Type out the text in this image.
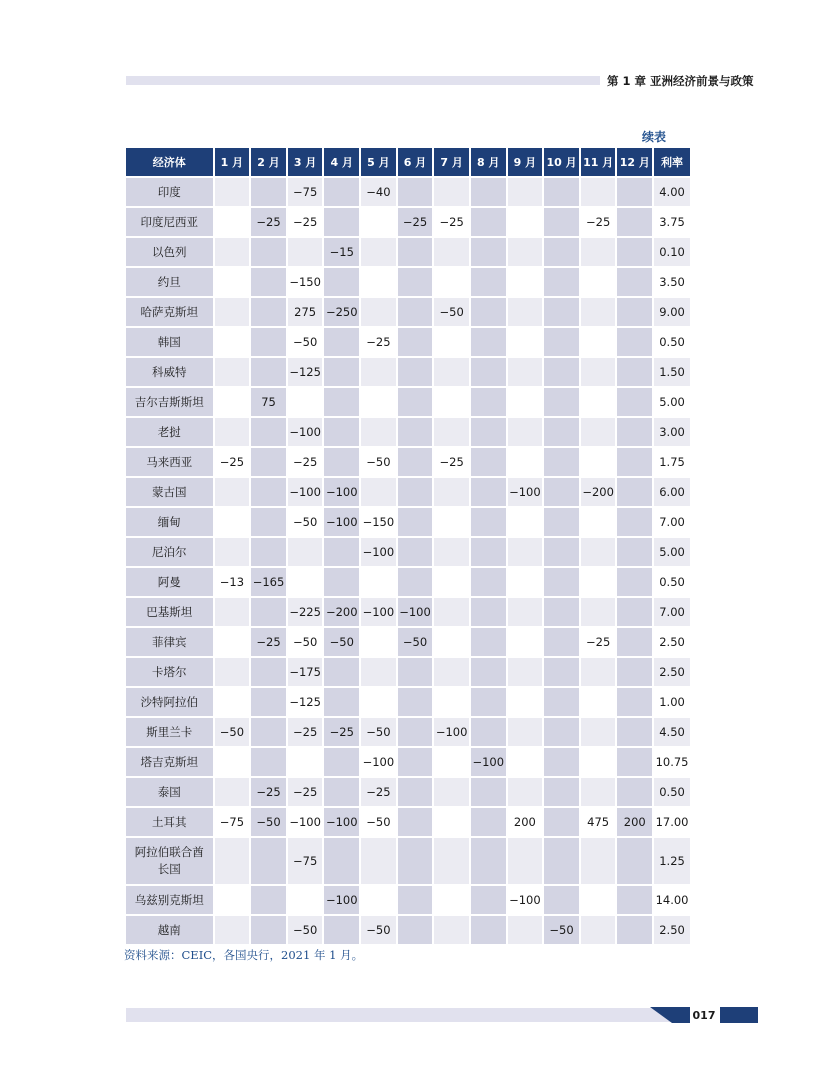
第 1 章 亚洲经济前景与政策
续表
经济体	1 月	2 月	3 月	4 月	5 月	6 月	7 月	8 月	9 月	10 月	11 月	12 月	利率
印度			−75		−40								4.00
印度尼西亚		−25	−25			−25	−25				−25		3.75
以色列				−15									0.10
约旦			−150										3.50
哈萨克斯坦			275	−250			−50						9.00
韩国			−50		−25								0.50
科威特			−125										1.50
吉尔吉斯斯坦		75											5.00
老挝			−100										3.00
马来西亚	−25		−25		−50		−25						1.75
蒙古国			−100	−100					−100		−200		6.00
缅甸			−50	−100	−150								7.00
尼泊尔					−100								5.00
阿曼	−13	−165											0.50
巴基斯坦			−225	−200	−100	−100							7.00
菲律宾		−25	−50	−50		−50					−25		2.50
卡塔尔			−175										2.50
沙特阿拉伯			−125										1.00
斯里兰卡	−50		−25	−25	−50		−100						4.50
塔吉克斯坦					−100			−100					10.75
泰国		−25	−25		−25								0.50
土耳其	−75	−50	−100	−100	−50				200		475	200	17.00
阿拉伯联合酋长国			−75										1.25
乌兹别克斯坦				−100					−100				14.00
越南			−50		−50					−50			2.50
资料来源：CEIC，各国央行，2021 年 1 月。
017
